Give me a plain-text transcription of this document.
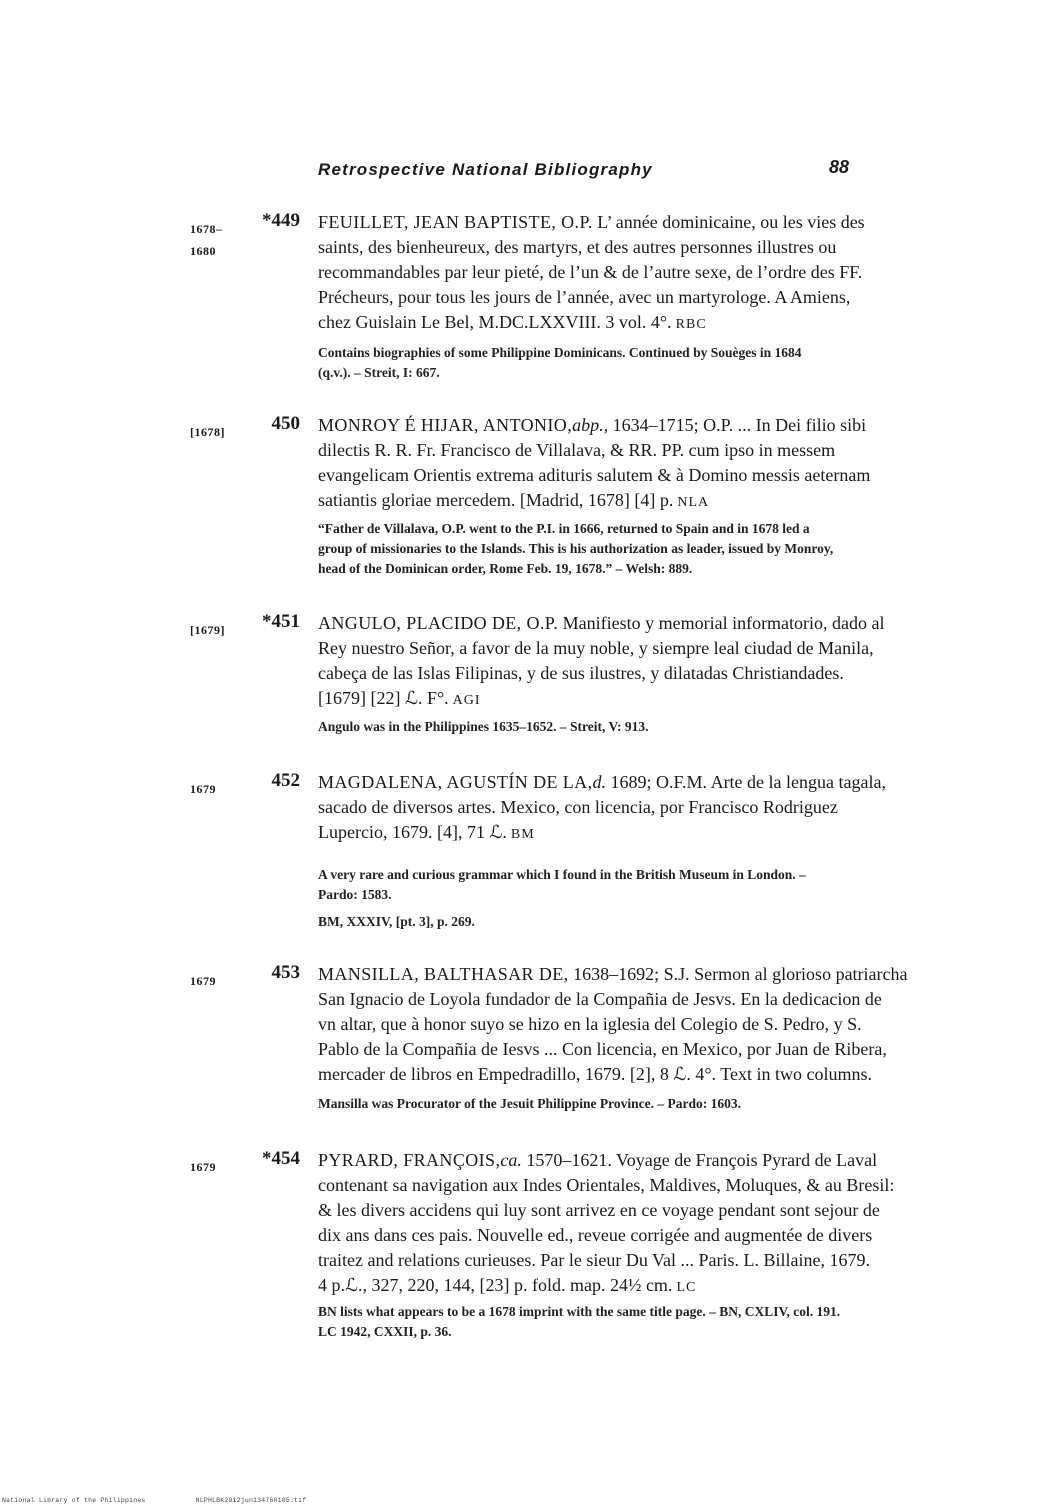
Retrospective National Bibliography	88
1678–
1680
*449 FEUILLET, JEAN BAPTISTE, O.P. L’ année dominicaine, ou les vies des
saints, des bienheureux, des martyrs, et des autres personnes illustres ou
recommandables par leur pieté, de l’un & de l’autre sexe, de l’ordre des FF.
Précheurs, pour tous les jours de l’année, avec un martyrologe. A Amiens,
chez Guislain Le Bel, M.DC.LXXVIII. 3 vol. 4°. RBC
Contains biographies of some Philippine Dominicans. Continued by Souèges in 1684
(q.v.). – Streit, I: 667.
[1678]	450 MONROY É HIJAR, ANTONIO,abp., 1634–1715; O.P. ... In Dei filio sibi
dilectis R. R. Fr. Francisco de Villalava, & RR. PP. cum ipso in messem
evangelicam Orientis extrema adituris salutem & à Domino messis aeternam
satiantis gloriae mercedem. [Madrid, 1678] [4] p. NLA
“Father de Villalava, O.P. went to the P.I. in 1666, returned to Spain and in 1678 led a
group of missionaries to the Islands. This is his authorization as leader, issued by Monroy,
head of the Dominican order, Rome Feb. 19, 1678.” – Welsh: 889.
[1679]	*451 ANGULO, PLACIDO DE, O.P. Manifiesto y memorial informatorio, dado al
Rey nuestro Señor, a favor de la muy noble, y siempre leal ciudad de Manila,
cabeça de las Islas Filipinas, y de sus ilustres, y dilatadas Christiandades.
[1679] [22] ℒ. F°. AGI
Angulo was in the Philippines 1635–1652. – Streit, V: 913.
1679	452 MAGDALENA, AGUSTÍN DE LA,d. 1689; O.F.M. Arte de la lengua tagala,
sacado de diversos artes. Mexico, con licencia, por Francisco Rodriguez
Lupercio, 1679. [4], 71 ℒ. BM
A very rare and curious grammar which I found in the British Museum in London. –
Pardo: 1583.
BM, XXXIV, [pt. 3], p. 269.
1679	453 MANSILLA, BALTHASAR DE, 1638–1692; S.J. Sermon al glorioso patriarcha
San Ignacio de Loyola fundador de la Compañia de Jesvs. En la dedicacion de
vn altar, que à honor suyo se hizo en la iglesia del Colegio de S. Pedro, y S.
Pablo de la Compañia de Iesvs ... Con licencia, en Mexico, por Juan de Ribera,
mercader de libros en Empedradillo, 1679. [2], 8 ℒ. 4°. Text in two columns.
Mansilla was Procurator of the Jesuit Philippine Province. – Pardo: 1603.
1679	*454 PYRARD, FRANÇOIS,ca. 1570–1621. Voyage de François Pyrard de Laval
contenant sa navigation aux Indes Orientales, Maldives, Moluques, & au Bresil:
& les divers accidens qui luy sont arrivez en ce voyage pendant sont sejour de
dix ans dans ces pais. Nouvelle ed., reveue corrigée and augmentée de divers
traitez and relations curieuses. Par le sieur Du Val ... Paris. L. Billaine, 1679.
4 p.ℒ., 327, 220, 144, [23] p. fold. map. 24½ cm. LC
BN lists what appears to be a 1678 imprint with the same title page. – BN, CXLIV, col. 191.
LC 1942, CXXII, p. 36.
National Library of the Philippines	NLPHLBK2012jun134760105.tif
